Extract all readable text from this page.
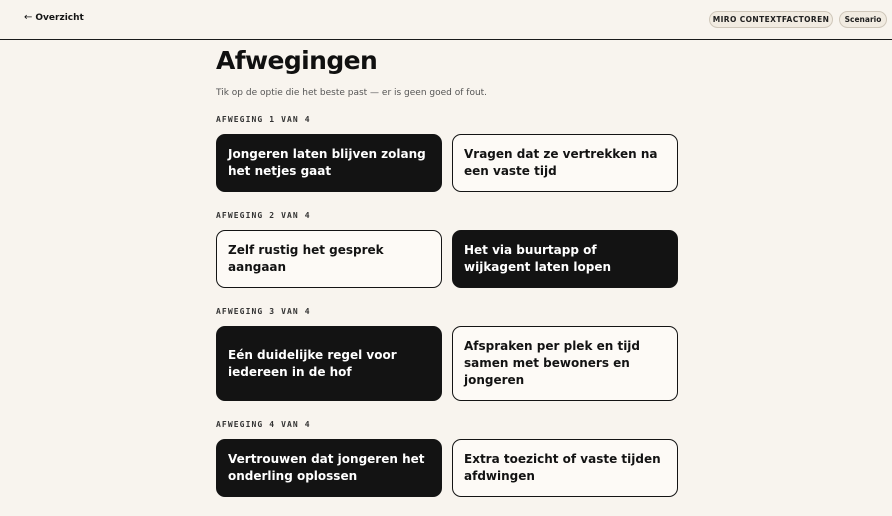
← Overzicht	MIRO CONTEXTFACTOREN	Scenario
Afwegingen

Tik op de optie die het beste past — er is geen goed of fout.

AFWEGING 1 VAN 4
Jongeren laten blijven zolang het netjes gaat
Vragen dat ze vertrekken na een vaste tijd
AFWEGING 2 VAN 4
Zelf rustig het gesprek aangaan
Het via buurtapp of wijkagent laten lopen
AFWEGING 3 VAN 4
Eén duidelijke regel voor iedereen in de hof
Afspraken per plek en tijd samen met bewoners en jongeren
AFWEGING 4 VAN 4
Vertrouwen dat jongeren het onderling oplossen
Extra toezicht of vaste tijden afdwingen
